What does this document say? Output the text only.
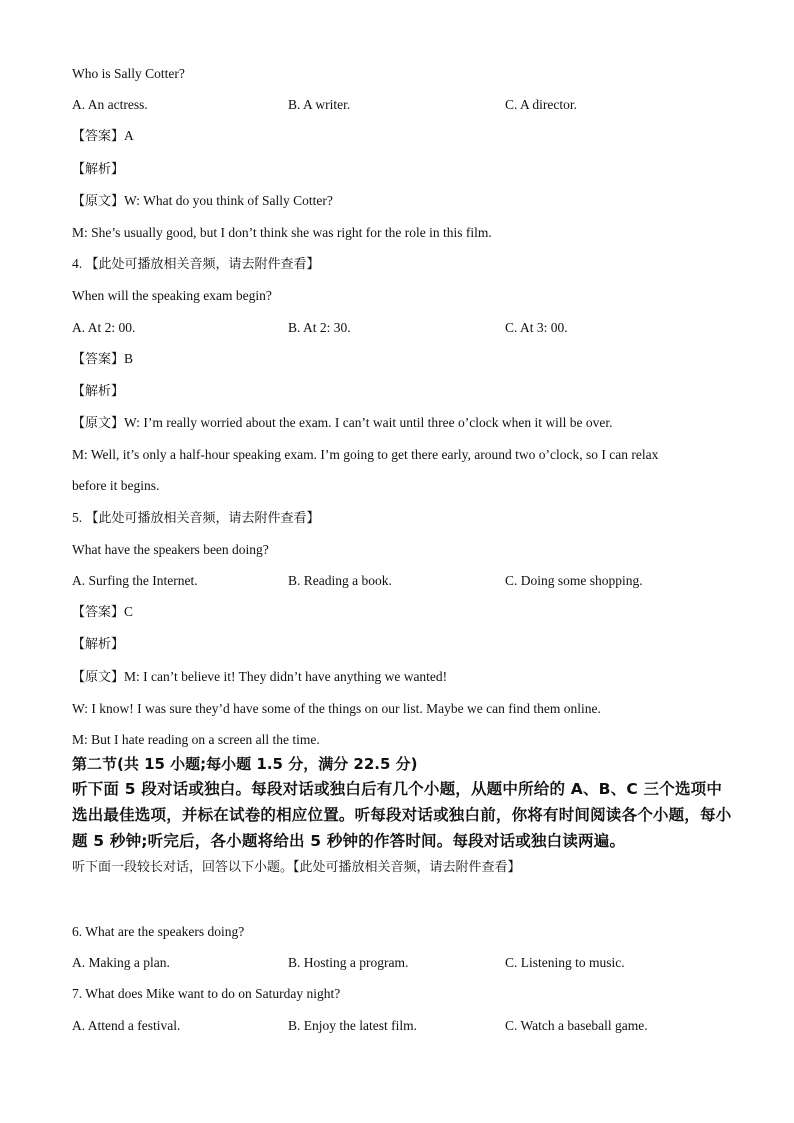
Who is Sally Cotter?
A. An actress.	B. A writer.	C. A director.
【答案】A
【解析】
【原文】W: What do you think of Sally Cotter?
M: She’s usually good, but I don’t think she was right for the role in this film.
4. 【此处可播放相关音频，请去附件查看】
When will the speaking exam begin?
A. At 2: 00.	B. At 2: 30.	C. At 3: 00.
【答案】B
【解析】
【原文】W: I’m really worried about the exam. I can’t wait until three o’clock when it will be over.
M: Well, it’s only a half-hour speaking exam. I’m going to get there early, around two o’clock, so I can relax
before it begins.
5. 【此处可播放相关音频，请去附件查看】
What have the speakers been doing?
A. Surfing the Internet.	B. Reading a book.	C. Doing some shopping.
【答案】C
【解析】
【原文】M: I can’t believe it! They didn’t have anything we wanted!
W: I know! I was sure they’d have some of the things on our list. Maybe we can find them online.
M: But I hate reading on a screen all the time.
第二节(共 15 小题;每小题 1.5 分，满分 22.5 分)
听下面 5 段对话或独白。每段对话或独白后有几个小题，从题中所给的 A、B、C 三个选项中选出最佳选项，并标在试卷的相应位置。听每段对话或独白前，你将有时间阅读各个小题，每小题 5 秒钟;听完后，各小题将给出 5 秒钟的作答时间。每段对话或独白读两遍。
听下面一段较长对话，回答以下小题。【此处可播放相关音频，请去附件查看】
6. What are the speakers doing?
A. Making a plan.	B. Hosting a program.	C. Listening to music.
7. What does Mike want to do on Saturday night?
A. Attend a festival.	B. Enjoy the latest film.	C. Watch a baseball game.
